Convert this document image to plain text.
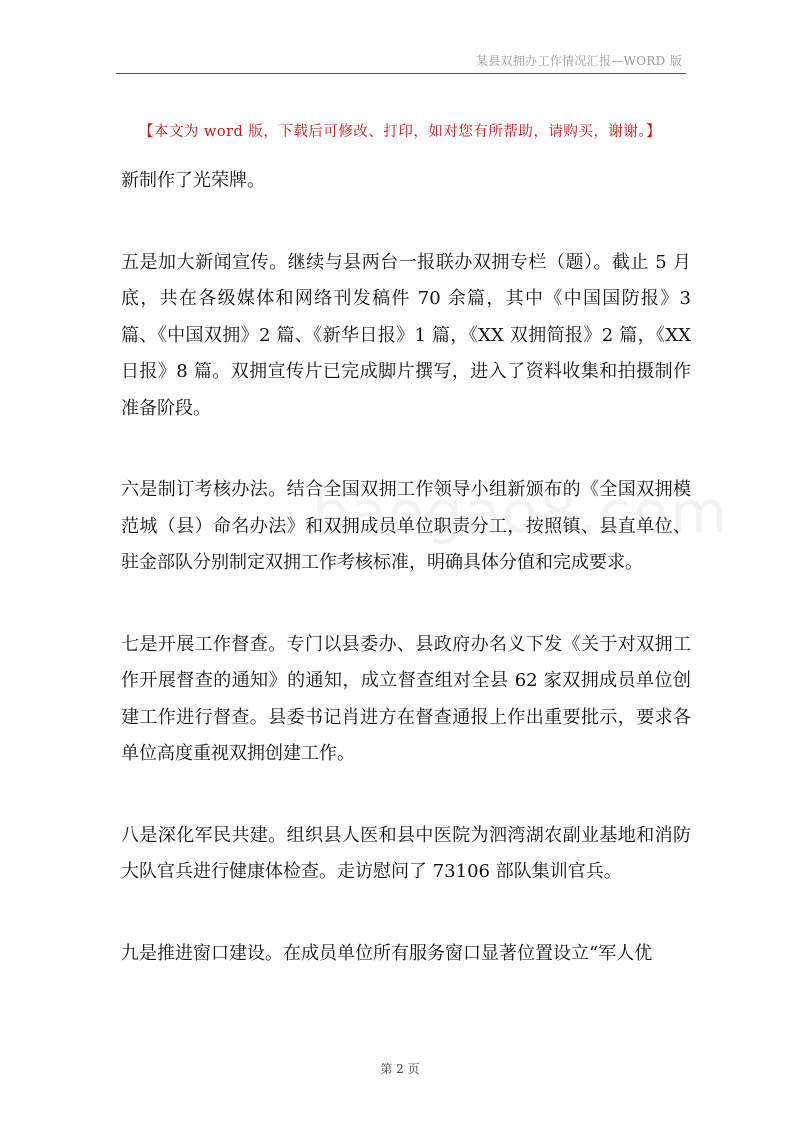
某县双拥办工作情况汇报—WORD 版
【本文为 word 版，下载后可修改、打印，如对您有所帮助，请购买，谢谢。】

新制作了光荣牌。

五是加大新闻宣传。继续与县两台一报联办双拥专栏（题）。截止 5 月底，共在各级媒体和网络刊发稿件 70 余篇，其中《中国国防报》3 篇、《中国双拥》2 篇、《新华日报》1 篇，《XX 双拥简报》2 篇，《XX 日报》8 篇。双拥宣传片已完成脚片撰写，进入了资料收集和拍摄制作准备阶段。

六是制订考核办法。结合全国双拥工作领导小组新颁布的《全国双拥模范城（县）命名办法》和双拥成员单位职责分工，按照镇、县直单位、驻金部队分别制定双拥工作考核标准，明确具体分值和完成要求。

七是开展工作督查。专门以县委办、县政府办名义下发《关于对双拥工作开展督查的通知》的通知，成立督查组对全县 62 家双拥成员单位创建工作进行督查。县委书记肖进方在督查通报上作出重要批示，要求各单位高度重视双拥创建工作。

八是深化军民共建。组织县人医和县中医院为泗湾湖农副业基地和消防大队官兵进行健康体检查。走访慰问了 73106 部队集训官兵。

九是推进窗口建设。在成员单位所有服务窗口显著位置设立“军人优

第 2 页
